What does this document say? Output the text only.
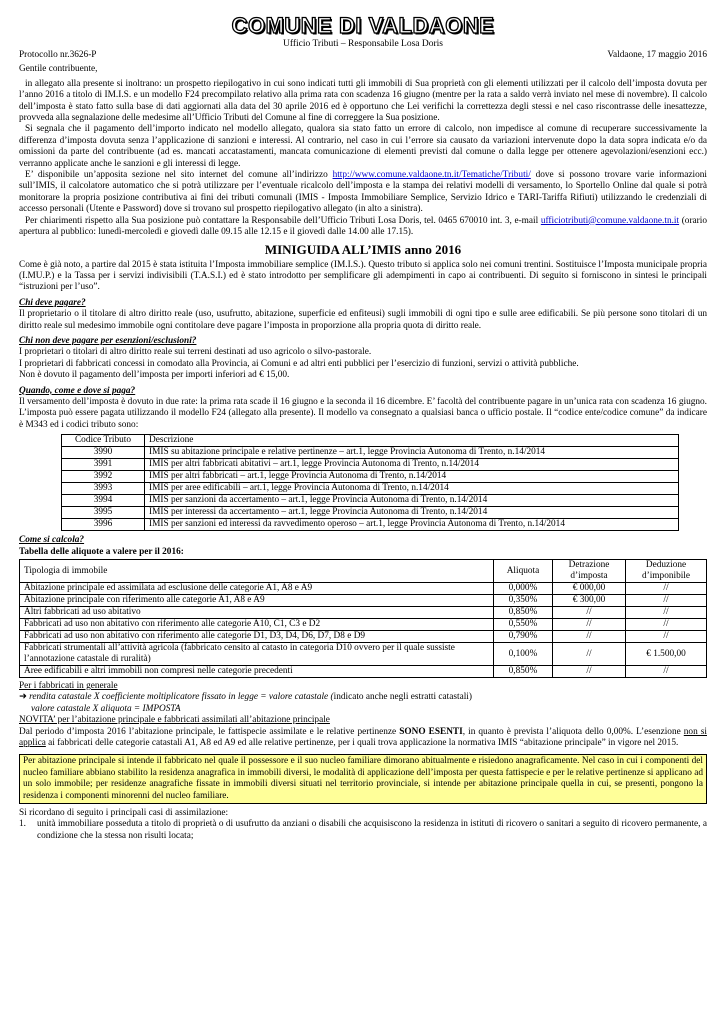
COMUNE DI VALDAONE
Ufficio Tributi – Responsabile Losa Doris
Protocollo nr.3626-P	Valdaone, 17 maggio 2016

Gentile contribuente,

in allegato alla presente si inoltrano: un prospetto riepilogativo in cui sono indicati tutti gli immobili di Sua proprietà con gli elementi utilizzati per il calcolo dell’imposta dovuta per l’anno 2016 a titolo di IM.I.S. e un modello F24 precompilato relativo alla prima rata con scadenza 16 giugno (mentre per la rata a saldo verrà inviato nel mese di novembre). Il calcolo dell’imposta è stato fatto sulla base di dati aggiornati alla data del 30 aprile 2016 ed è opportuno che Lei verifichi la correttezza degli stessi e nel caso riscontrasse delle inesattezze, provveda alla segnalazione delle medesime all’Ufficio Tributi del Comune al fine di correggere la Sua posizione.

Si segnala che il pagamento dell’importo indicato nel modello allegato, qualora sia stato fatto un errore di calcolo, non impedisce al comune di recuperare successivamente la differenza d’imposta dovuta senza l’applicazione di sanzioni e interessi. Al contrario, nel caso in cui l’errore sia causato da variazioni intervenute dopo la data sopra indicata e/o da omissioni da parte del contribuente (ad es. mancati accatastamenti, mancata comunicazione di elementi previsti dal comune o dalla legge per ottenere agevolazioni/esenzioni ecc.) verranno applicate anche le sanzioni e gli interessi di legge.

E’ disponibile un’apposita sezione nel sito internet del comune all’indirizzo http://www.comune.valdaone.tn.it/Tematiche/Tributi/ dove si possono trovare varie informazioni sull’IMIS, il calcolatore automatico che si potrà utilizzare per l’eventuale ricalcolo dell’imposta e la stampa dei relativi modelli di versamento, lo Sportello Online dal quale si potrà monitorare la propria posizione contributiva ai fini dei tributi comunali (IMIS - Imposta Immobiliare Semplice, Servizio Idrico e TARI-Tariffa Rifiuti) utilizzando le credenziali di accesso personali (Utente e Password) dove si trovano sul prospetto riepilogativo allegato (in alto a sinistra).

Per chiarimenti rispetto alla Sua posizione può contattare la Responsabile dell’Ufficio Tributi Losa Doris, tel. 0465 670010 int. 3, e-mail ufficiotributi@comune.valdaone.tn.it (orario apertura al pubblico: lunedì-mercoledì e giovedì dalle 09.15 alle 12.15 e il giovedì dalle 14.00 alle 17.15).

MINIGUIDA ALL’IMIS anno 2016

Come è già noto, a partire dal 2015 è stata istituita l’Imposta immobiliare semplice (IM.I.S.). Questo tributo si applica solo nei comuni trentini. Sostituisce l’Imposta municipale propria (I.MU.P.) e la Tassa per i servizi indivisibili (T.A.S.I.) ed è stato introdotto per semplificare gli adempimenti in capo ai contribuenti. Di seguito si forniscono in sintesi le principali “istruzioni per l’uso”.

Chi deve pagare?

Il proprietario o il titolare di altro diritto reale (uso, usufrutto, abitazione, superficie ed enfiteusi) sugli immobili di ogni tipo e sulle aree edificabili. Se più persone sono titolari di un diritto reale sul medesimo immobile ogni contitolare deve pagare l’imposta in proporzione alla propria quota di diritto reale.

Chi non deve pagare per esenzioni/esclusioni?

I proprietari o titolari di altro diritto reale sui terreni destinati ad uso agricolo o silvo-pastorale.

I proprietari di fabbricati concessi in comodato alla Provincia, ai Comuni e ad altri enti pubblici per l’esercizio di funzioni, servizi o attività pubbliche.

Non è dovuto il pagamento dell’imposta per importi inferiori ad € 15,00.

Quando, come e dove si paga?

Il versamento dell’imposta è dovuto in due rate: la prima rata scade il 16 giugno e la seconda il 16 dicembre. E’ facoltà del contribuente pagare in un’unica rata con scadenza 16 giugno. L’imposta può essere pagata utilizzando il modello F24 (allegato alla presente). Il modello va consegnato a qualsiasi banca o ufficio postale. Il “codice ente/codice comune” da indicare è M343 ed i codici tributo sono:

Codice Tributo	Descrizione
3990	IMIS su abitazione principale e relative pertinenze – art.1, legge Provincia Autonoma di Trento, n.14/2014
3991	IMIS per altri fabbricati abitativi – art.1, legge Provincia Autonoma di Trento, n.14/2014
3992	IMIS per altri fabbricati – art.1, legge Provincia Autonoma di Trento, n.14/2014
3993	IMIS per aree edificabili – art.1, legge Provincia Autonoma di Trento, n.14/2014
3994	IMIS per sanzioni da accertamento – art.1, legge Provincia Autonoma di Trento, n.14/2014
3995	IMIS per interessi da accertamento – art.1, legge Provincia Autonoma di Trento, n.14/2014
3996	IMIS per sanzioni ed interessi da ravvedimento operoso – art.1, legge Provincia Autonoma di Trento, n.14/2014
Come si calcola?
Tabella delle aliquote a valere per il 2016:
Tipologia di immobile	Aliquota	Detrazione d’imposta	Deduzione d’imponibile
Abitazione principale ed assimilata ad esclusione delle categorie A1, A8 e A9	0,000%	€ 000,00	//
Abitazione principale con riferimento alle categorie A1, A8 e A9	0,350%	€ 300,00	//
Altri fabbricati ad uso abitativo	0,850%	//	//
Fabbricati ad uso non abitativo con riferimento alle categorie A10, C1, C3 e D2	0,550%	//	//
Fabbricati ad uso non abitativo con riferimento alle categorie D1, D3, D4, D6, D7, D8 e D9	0,790%	//	//
Fabbricati strumentali all’attività agricola (fabbricato censito al catasto in categoria D10 ovvero per il quale sussiste l’annotazione catastale di ruralità)	0,100%	//	€ 1.500,00
Aree edificabili e altri immobili non compresi nelle categorie precedenti	0,850%	//	//
Per i fabbricati in generale

➜ rendita catastale X coefficiente moltiplicatore fissato in legge = valore catastale (indicato anche negli estratti catastali)

valore catastale X aliquota = IMPOSTA

NOVITA’ per l’abitazione principale e fabbricati assimilati all’abitazione principale

Dal periodo d’imposta 2016 l’abitazione principale, le fattispecie assimilate e le relative pertinenze SONO ESENTI, in quanto è prevista l’aliquota dello 0,00%. L’esenzione non si applica ai fabbricati delle categorie catastali A1, A8 ed A9 ed alle relative pertinenze, per i quali trova applicazione la normativa IMIS “abitazione principale” in vigore nel 2015.

Per abitazione principale si intende il fabbricato nel quale il possessore e il suo nucleo familiare dimorano abitualmente e risiedono anagraficamente. Nel caso in cui i componenti del nucleo familiare abbiano stabilito la residenza anagrafica in immobili diversi, le modalità di applicazione dell’imposta per questa fattispecie e per le relative pertinenze si applicano ad un solo immobile; per residenze anagrafiche fissate in immobili diversi situati nel territorio provinciale, si intende per abitazione principale quella in cui, se presenti, pongono la residenza i componenti minorenni del nucleo familiare.

Si ricordano di seguito i principali casi di assimilazione:

1.	unità immobiliare posseduta a titolo di proprietà o di usufrutto da anziani o disabili che acquisiscono la residenza in istituti di ricovero o sanitari a seguito di ricovero permanente, a condizione che la stessa non risulti locata;
